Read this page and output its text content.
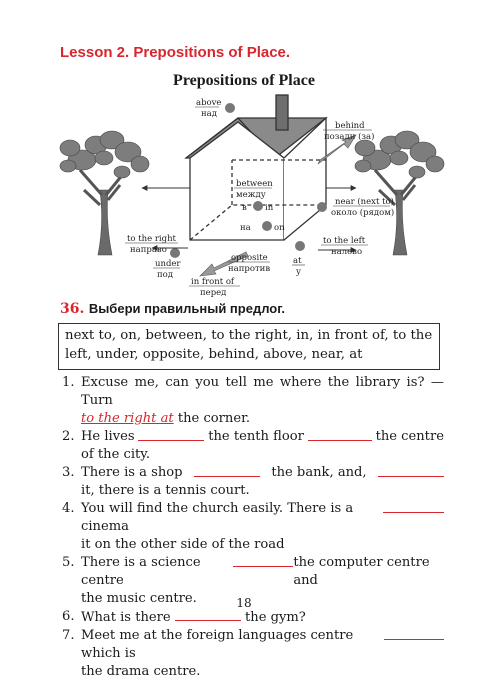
Lesson 2. Prepositions of Place.
Prepositions of Place
above
над
behind
позади (за)
between
между
в in
на	on
near (next to)
около (рядом)
to the right
направо
to the left
налево
under
под
opposite
напротив
at
у
in front of
перед
36. Выбери правильный предлог.
next to, on, between, to the right, in, in front of, to the left, under, opposite, behind, above, near, at
1. Excuse me, can you tell me where the library is? — Turn
to the right at the corner.
2. He lives	the tenth floor	the centre
of the city.
3. There is a shop	the bank, and,
it, there is a tennis court.
4. You will find the church easily. There is a cinema
it on the other side of the road
5. There is a science centre
the computer centre and
the music centre.
6. What is there	the gym?
7. Meet me at the foreign languages centre which is
the drama centre.
18
